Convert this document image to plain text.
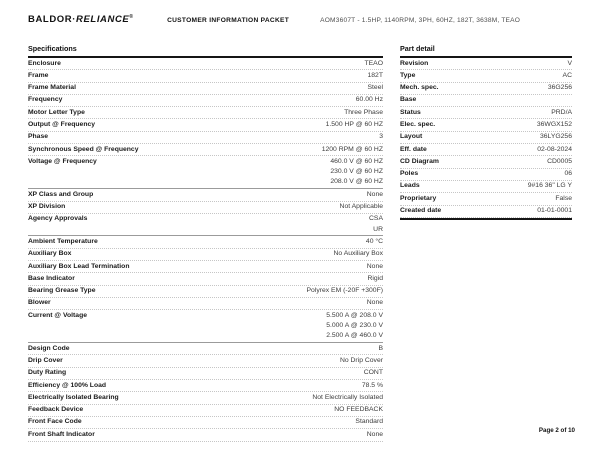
BALDOR·RELIANCE®
CUSTOMER INFORMATION PACKET	AOM3607T - 1.5HP, 1140RPM, 3PH, 60HZ, 182T, 3638M, TEAO
Specifications	Part detail
Enclosure	TEAO
Frame	182T
Frame Material	Steel
Frequency	60.00 Hz
Motor Letter Type	Three Phase
Output @ Frequency	1.500 HP @ 60 HZ
Phase	3
Synchronous Speed @ Frequency	1200 RPM @ 60 HZ
Voltage @ Frequency	460.0 V @ 60 HZ
230.0 V @ 60 HZ
208.0 V @ 60 HZ
XP Class and Group	None
XP Division	Not Applicable
Agency Approvals	CSA
UR
Ambient Temperature	40 °C
Auxiliary Box	No Auxiliary Box
Auxiliary Box Lead Termination	None
Base Indicator	Rigid
Bearing Grease Type	Polyrex EM (-20F +300F)
Blower	None
Current @ Voltage	5.500 A @ 208.0 V
5.000 A @ 230.0 V
2.500 A @ 460.0 V
Design Code	B
Drip Cover	No Drip Cover
Duty Rating	CONT
Efficiency @ 100% Load	78.5 %
Electrically Isolated Bearing	Not Electrically Isolated
Feedback Device	NO FEEDBACK
Front Face Code	Standard
Front Shaft Indicator	None
Revision	V
Type	AC
Mech. spec.	36G256
Base
Status	PRD/A
Elec. spec.	36WGX152
Layout	36LYG256
Eff. date	02-08-2024
CD Diagram	CD0005
Poles	06
Leads	9#16 36" LG Y
Proprietary	False
Created date	01-01-0001
Page 2 of 10
